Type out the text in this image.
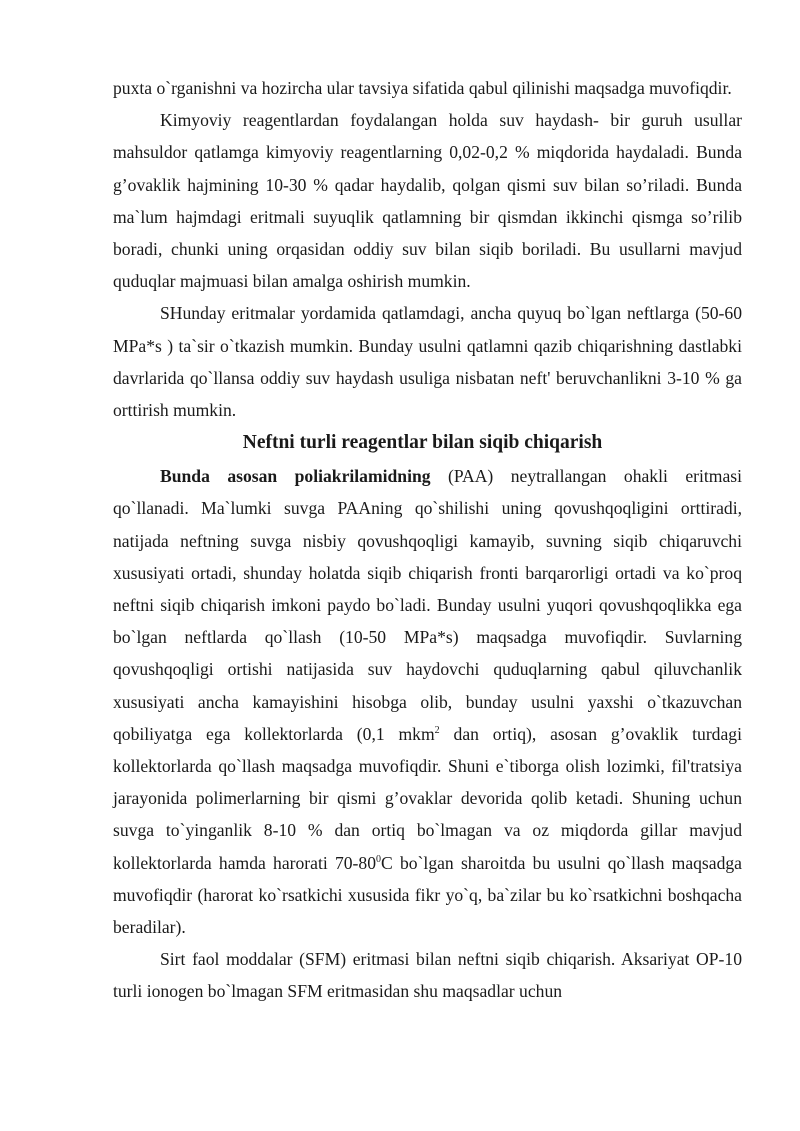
puxta o`rganishni va hozircha ular tavsiya sifatida qabul qilinishi maqsadga muvofiqdir.

Kimyoviy reagentlardan foydalangan holda suv haydash- bir guruh usullar mahsuldor qatlamga kimyoviy reagentlarning 0,02-0,2 % miqdorida haydaladi. Bunda g’ovaklik hajmining 10-30 % qadar haydalib, qolgan qismi suv bilan so’riladi. Bunda ma`lum hajmdagi eritmali suyuqlik qatlamning bir qismdan ikkinchi qismga so’rilib boradi, chunki uning orqasidan oddiy suv bilan siqib boriladi. Bu usullarni mavjud quduqlar majmuasi bilan amalga oshirish mumkin.

SHunday eritmalar yordamida qatlamdagi, ancha quyuq bo`lgan neftlarga (50-60 MPa*s ) ta`sir o`tkazish mumkin. Bunday usulni qatlamni qazib chiqarishning dastlabki davrlarida qo`llansa oddiy suv haydash usuliga nisbatan neft' beruvchanlikni 3-10 % ga orttirish mumkin.

Neftni turli reagentlar bilan siqib chiqarish

Bunda asosan poliakrilamidning (PAA) neytrallangan ohakli eritmasi qo`llanadi. Ma`lumki suvga PAAning qo`shilishi uning qovushqoqligini orttiradi, natijada neftning suvga nisbiy qovushqoqligi kamayib, suvning siqib chiqaruvchi xususiyati ortadi, shunday holatda siqib chiqarish fronti barqarorligi ortadi va ko`proq neftni siqib chiqarish imkoni paydo bo`ladi. Bunday usulni yuqori qovushqoqlikka ega bo`lgan neftlarda qo`llash (10-50 MPa*s) maqsadga muvofiqdir. Suvlarning qovushqoqligi ortishi natijasida suv haydovchi quduqlarning qabul qiluvchanlik xususiyati ancha kamayishini hisobga olib, bunday usulni yaxshi o`tkazuvchan qobiliyatga ega kollektorlarda (0,1 mkm$^2$ dan ortiq), asosan g’ovaklik turdagi kollektorlarda qo`llash maqsadga muvofiqdir. Shuni e`tiborga olish lozimki, fil'tratsiya jarayonida polimerlarning bir qismi g’ovaklar devorida qolib ketadi. Shuning uchun suvga to`yinganlik 8-10 % dan ortiq bo`lmagan va oz miqdorda gillar mavjud kollektorlarda hamda harorati $70-80^0C$ bo`lgan sharoitda bu usulni qo`llash maqsadga muvofiqdir (harorat ko`rsatkichi xususida fikr yo`q, ba`zilar bu ko`rsatkichni boshqacha beradilar).

Sirt faol moddalar (SFM) eritmasi bilan neftni siqib chiqarish. Aksariyat OP-10 turli ionogen bo`lmagan SFM eritmasidan shu maqsadlar uchun
